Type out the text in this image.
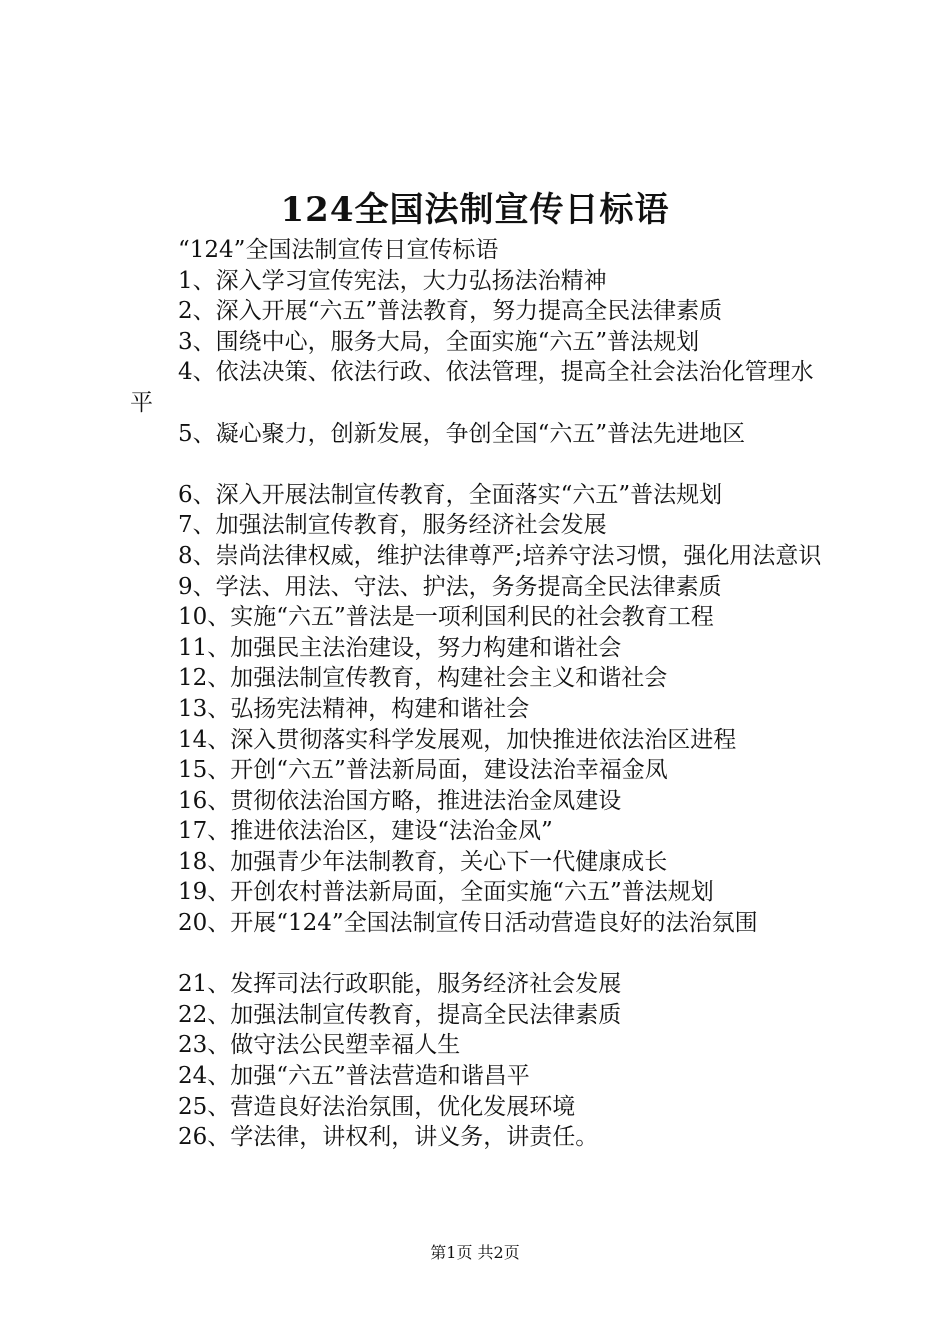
124全国法制宣传日标语

“124”全国法制宣传日宣传标语

1、深入学习宣传宪法，大力弘扬法治精神

2、深入开展“六五”普法教育，努力提高全民法律素质

3、围绕中心，服务大局，全面实施“六五”普法规划

4、依法决策、依法行政、依法管理，提高全社会法治化管理水平

5、凝心聚力，创新发展，争创全国“六五”普法先进地区

6、深入开展法制宣传教育，全面落实“六五”普法规划

7、加强法制宣传教育，服务经济社会发展

8、崇尚法律权威，维护法律尊严;培养守法习惯，强化用法意识

9、学法、用法、守法、护法，务务提高全民法律素质

10、实施“六五”普法是一项利国利民的社会教育工程

11、加强民主法治建设，努力构建和谐社会

12、加强法制宣传教育，构建社会主义和谐社会

13、弘扬宪法精神，构建和谐社会

14、深入贯彻落实科学发展观，加快推进依法治区进程

15、开创“六五”普法新局面，建设法治幸福金凤

16、贯彻依法治国方略，推进法治金凤建设

17、推进依法治区，建设“法治金凤”

18、加强青少年法制教育，关心下一代健康成长

19、开创农村普法新局面，全面实施“六五”普法规划

20、开展“124”全国法制宣传日活动营造良好的法治氛围

21、发挥司法行政职能，服务经济社会发展

22、加强法制宣传教育，提高全民法律素质

23、做守法公民塑幸福人生

24、加强“六五”普法营造和谐昌平

25、营造良好法治氛围，优化发展环境

26、学法律，讲权利，讲义务，讲责任。

第1页 共2页
